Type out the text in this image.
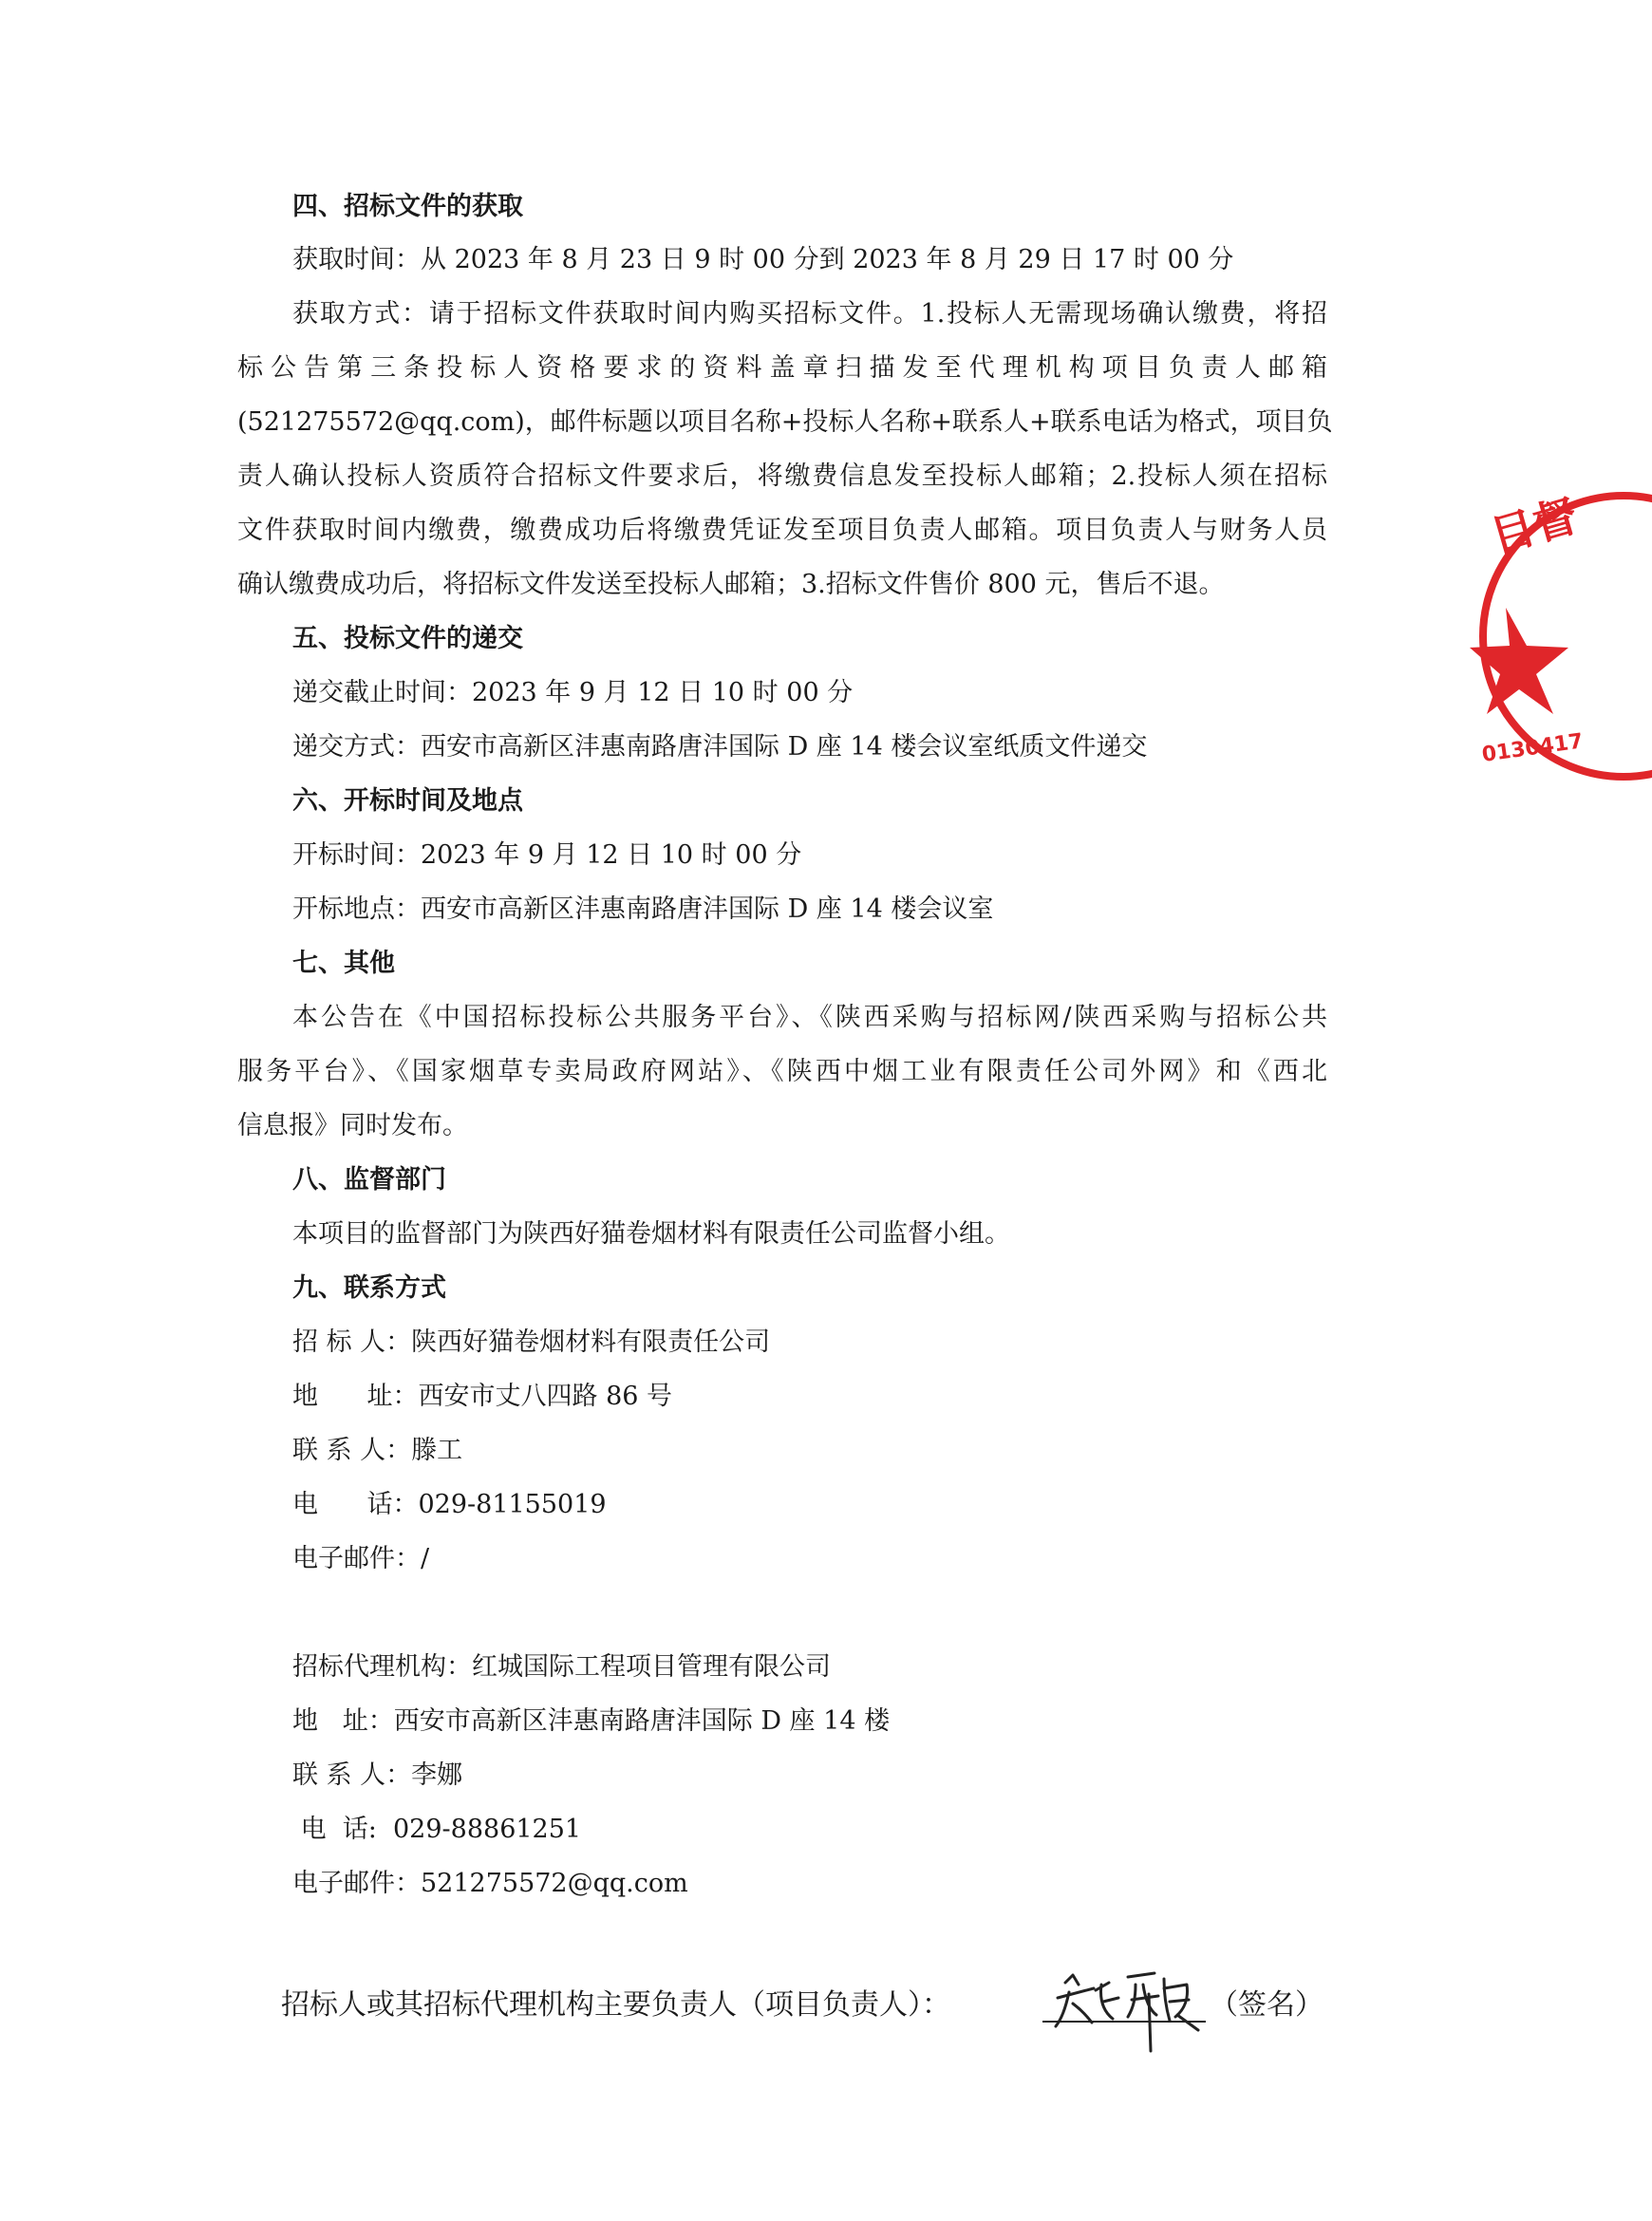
四、招标文件的获取
获取时间：从 2023 年 8 月 23 日 9 时 00 分到 2023 年 8 月 29 日 17 时 00 分
获取方式：请于招标文件获取时间内购买招标文件。1.投标人无需现场确认缴费，将招
标公告第三条投标人资格要求的资料盖章扫描发至代理机构项目负责人邮箱
(521275572@qq.com)，邮件标题以项目名称+投标人名称+联系人+联系电话为格式，项目负
责人确认投标人资质符合招标文件要求后，将缴费信息发至投标人邮箱；2.投标人须在招标
文件获取时间内缴费，缴费成功后将缴费凭证发至项目负责人邮箱。项目负责人与财务人员
确认缴费成功后，将招标文件发送至投标人邮箱；3.招标文件售价 800 元，售后不退。
五、投标文件的递交
递交截止时间：2023 年 9 月 12 日 10 时 00 分
递交方式：西安市高新区沣惠南路唐沣国际 D 座 14 楼会议室纸质文件递交
六、开标时间及地点
开标时间：2023 年 9 月 12 日 10 时 00 分
开标地点：西安市高新区沣惠南路唐沣国际 D 座 14 楼会议室
七、其他
本公告在《中国招标投标公共服务平台》、《陕西采购与招标网/陕西采购与招标公共
服务平台》、《国家烟草专卖局政府网站》、《陕西中烟工业有限责任公司外网》和《西北
信息报》同时发布。
八、监督部门
本项目的监督部门为陕西好猫卷烟材料有限责任公司监督小组。
九、联系方式
招 标 人：陕西好猫卷烟材料有限责任公司
地      址：西安市丈八四路 86 号
联 系 人：滕工
电      话：029-81155019
电子邮件：/
招标代理机构：红城国际工程项目管理有限公司
地   址：西安市高新区沣惠南路唐沣国际 D 座 14 楼
联 系 人：李娜
电  话:  029-88861251
电子邮件：521275572@qq.com
招标人或其招标代理机构主要负责人（项目负责人）：	（签名）
目督
0130417
